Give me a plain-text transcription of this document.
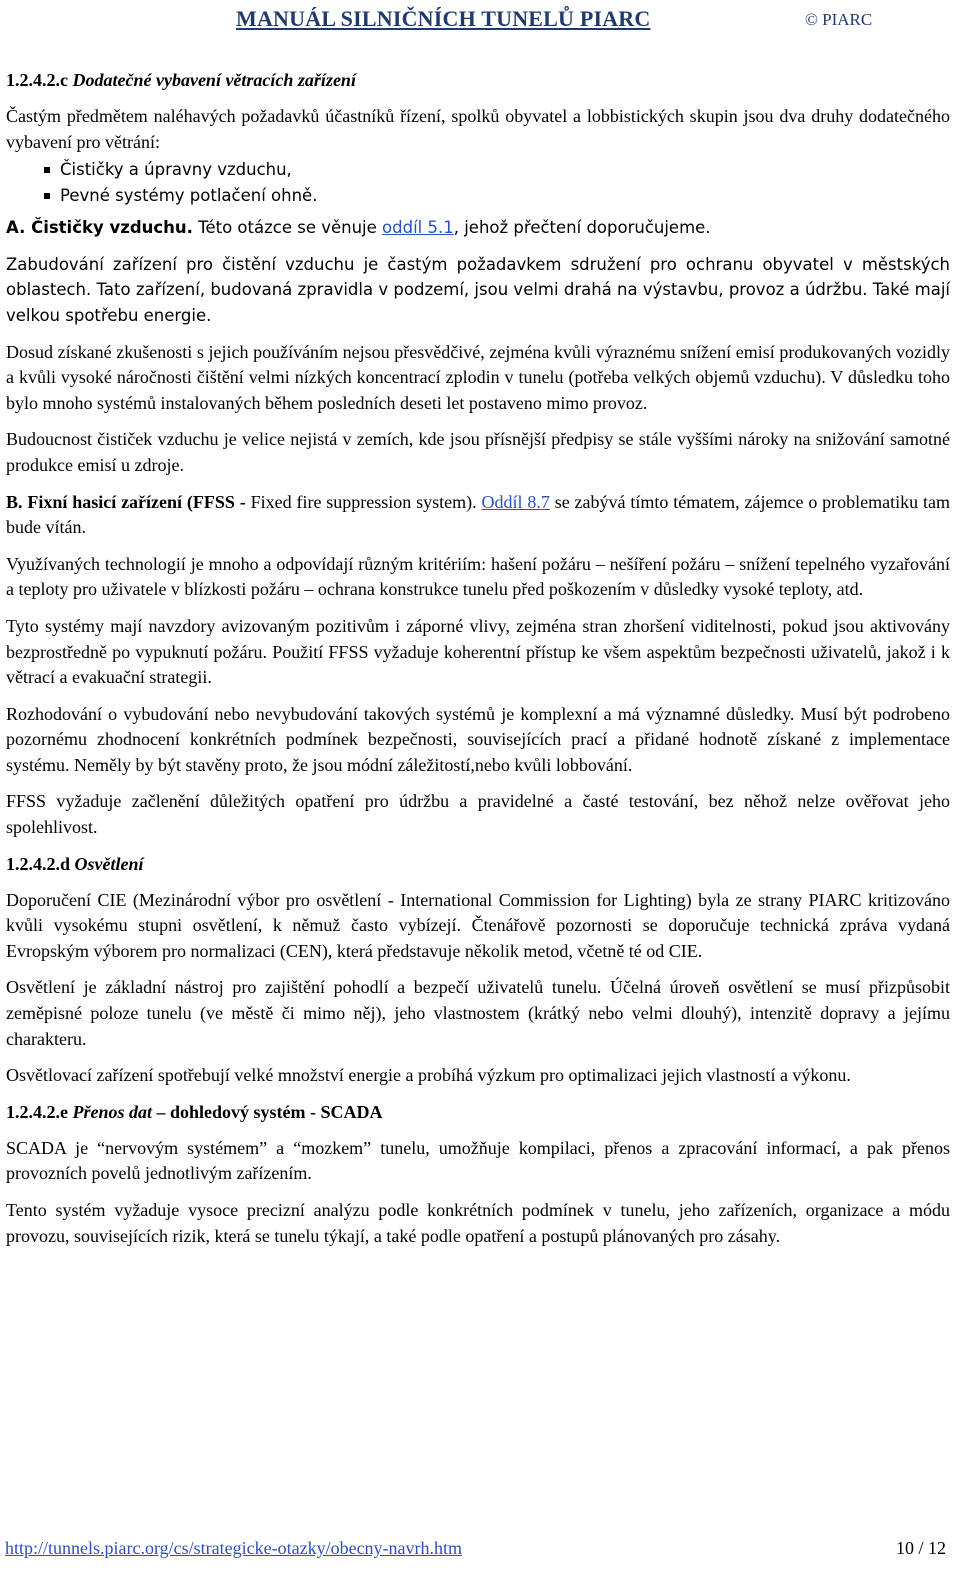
MANUÁL SILNIČNÍCH TUNELŮ PIARC	© PIARC
1.2.4.2.c Dodatečné vybavení větracích zařízení

Častým předmětem naléhavých požadavků účastníků řízení, spolků obyvatel a lobbistických skupin jsou dva druhy dodatečného vybavení pro větrání:

Čističky a úpravny vzduchu,
Pevné systémy potlačení ohně.

A. Čističky vzduchu. Této otázce se věnuje oddíl 5.1, jehož přečtení doporučujeme.

Zabudování zařízení pro čistění vzduchu je častým požadavkem sdružení pro ochranu obyvatel v městských oblastech. Tato zařízení, budovaná zpravidla v podzemí, jsou velmi drahá na výstavbu, provoz a údržbu. Také mají velkou spotřebu energie.

Dosud získané zkušenosti s jejich používáním nejsou přesvědčivé, zejména kvůli výraznému snížení emisí produkovaných vozidly a kvůli vysoké náročnosti čištění velmi nízkých koncentrací zplodin v tunelu (potřeba velkých objemů vzduchu). V důsledku toho bylo mnoho systémů instalovaných během posledních deseti let postaveno mimo provoz.

Budoucnost čističek vzduchu je velice nejistá v zemích, kde jsou přísnější předpisy se stále vyššími nároky na snižování samotné produkce emisí u zdroje.

B. Fixní hasicí zařízení (FFSS - Fixed fire suppression system). Oddíl 8.7 se zabývá tímto tématem, zájemce o problematiku tam bude vítán.

Využívaných technologií je mnoho a odpovídají různým kritériím: hašení požáru – nešíření požáru – snížení tepelného vyzařování a teploty pro uživatele v blízkosti požáru – ochrana konstrukce tunelu před poškozením v důsledky vysoké teploty, atd.

Tyto systémy mají navzdory avizovaným pozitivům i záporné vlivy, zejména stran zhoršení viditelnosti, pokud jsou aktivovány bezprostředně po vypuknutí požáru. Použití FFSS vyžaduje koherentní přístup ke všem aspektům bezpečnosti uživatelů, jakož i k větrací a evakuační strategii.

Rozhodování o vybudování nebo nevybudování takových systémů je komplexní a má významné důsledky. Musí být podrobeno pozornému zhodnocení konkrétních podmínek bezpečnosti, souvisejících prací a přidané hodnotě získané z implementace systému. Neměly by být stavěny proto, že jsou módní záležitostí,nebo kvůli lobbování.

FFSS vyžaduje začlenění důležitých opatření pro údržbu a pravidelné a časté testování, bez něhož nelze ověřovat jeho spolehlivost.

1.2.4.2.d Osvětlení

Doporučení CIE (Mezinárodní výbor pro osvětlení - International Commission for Lighting) byla ze strany PIARC kritizováno kvůli vysokému stupni osvětlení, k němuž často vybízejí. Čtenářově pozornosti se doporučuje technická zpráva vydaná Evropským výborem pro normalizaci (CEN), která představuje několik metod, včetně té od CIE.

Osvětlení je základní nástroj pro zajištění pohodlí a bezpečí uživatelů tunelu. Účelná úroveň osvětlení se musí přizpůsobit zeměpisné poloze tunelu (ve městě či mimo něj), jeho vlastnostem (krátký nebo velmi dlouhý), intenzitě dopravy a jejímu charakteru.

Osvětlovací zařízení spotřebují velké množství energie a probíhá výzkum pro optimalizaci jejich vlastností a výkonu.

1.2.4.2.e Přenos dat – dohledový systém - SCADA

SCADA je “nervovým systémem” a “mozkem” tunelu, umožňuje kompilaci, přenos a zpracování informací, a pak přenos provozních povelů jednotlivým zařízením.

Tento systém vyžaduje vysoce precizní analýzu podle konkrétních podmínek v tunelu, jeho zařízeních, organizace a módu provozu, souvisejících rizik, která se tunelu týkají, a také podle opatření a postupů plánovaných pro zásahy.

http://tunnels.piarc.org/cs/strategicke-otazky/obecny-navrh.htm	10 / 12
